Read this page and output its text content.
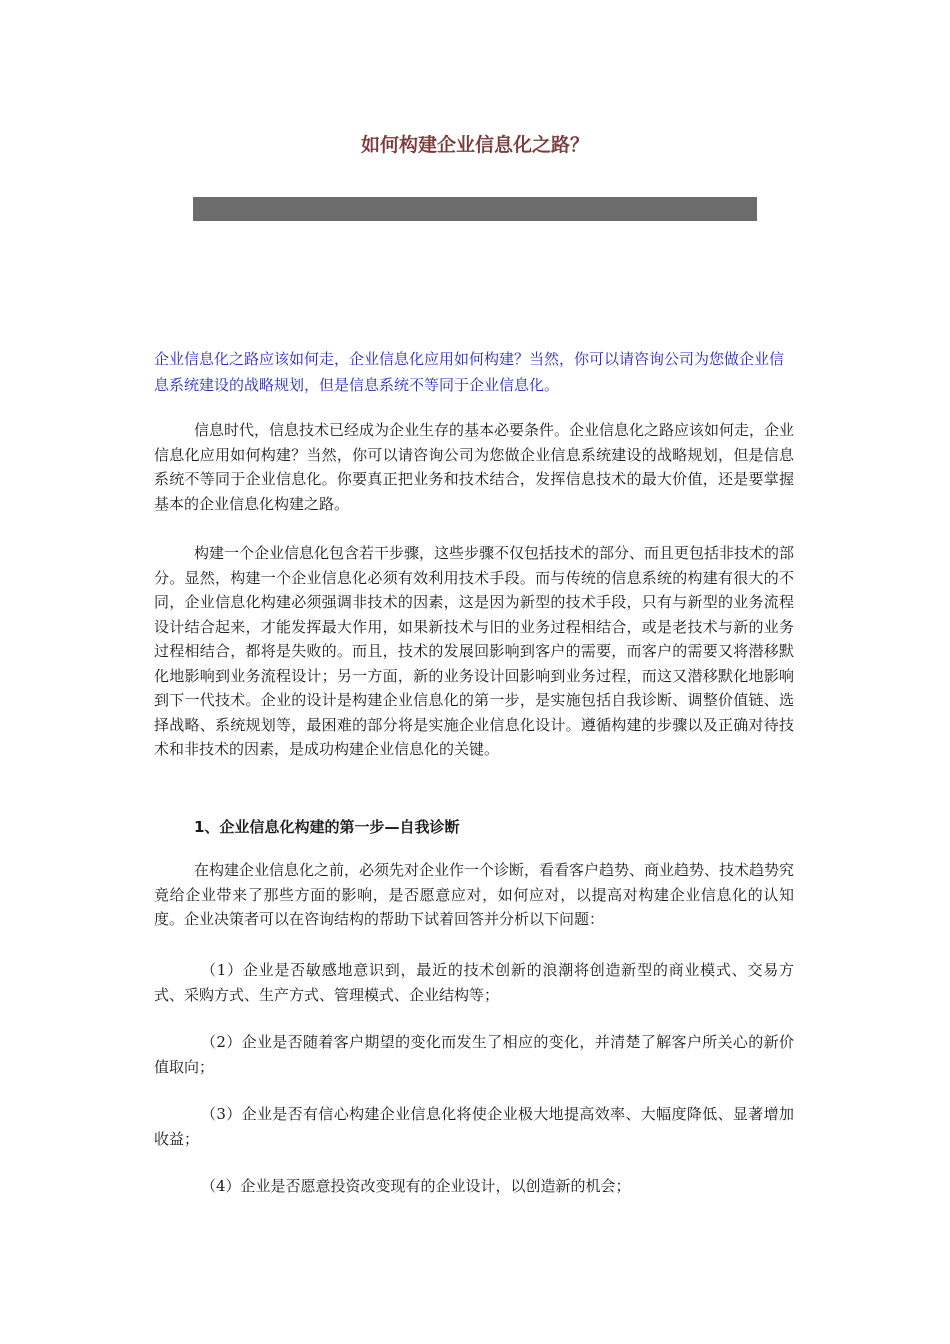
如何构建企业信息化之路？

企业信息化之路应该如何走，企业信息化应用如何构建？当然，你可以请咨询公司为您做企业信息系统建设的战略规划，但是信息系统不等同于企业信息化。

信息时代，信息技术已经成为企业生存的基本必要条件。企业信息化之路应该如何走，企业信息化应用如何构建？当然，你可以请咨询公司为您做企业信息系统建设的战略规划，但是信息系统不等同于企业信息化。你要真正把业务和技术结合，发挥信息技术的最大价值，还是要掌握基本的企业信息化构建之路。

构建一个企业信息化包含若干步骤，这些步骤不仅包括技术的部分、而且更包括非技术的部分。显然，构建一个企业信息化必须有效利用技术手段。而与传统的信息系统的构建有很大的不同，企业信息化构建必须强调非技术的因素，这是因为新型的技术手段，只有与新型的业务流程设计结合起来，才能发挥最大作用，如果新技术与旧的业务过程相结合，或是老技术与新的业务过程相结合，都将是失败的。而且，技术的发展回影响到客户的需要，而客户的需要又将潜移默化地影响到业务流程设计；另一方面，新的业务设计回影响到业务过程，而这又潜移默化地影响到下一代技术。企业的设计是构建企业信息化的第一步，是实施包括自我诊断、调整价值链、选择战略、系统规划等，最困难的部分将是实施企业信息化设计。遵循构建的步骤以及正确对待技术和非技术的因素，是成功构建企业信息化的关键。

1、企业信息化构建的第一步—自我诊断

在构建企业信息化之前，必须先对企业作一个诊断，看看客户趋势、商业趋势、技术趋势究竟给企业带来了那些方面的影响，是否愿意应对，如何应对，以提高对构建企业信息化的认知度。企业决策者可以在咨询结构的帮助下试着回答并分析以下问题：

（1）企业是否敏感地意识到，最近的技术创新的浪潮将创造新型的商业模式、交易方式、采购方式、生产方式、管理模式、企业结构等；

（2）企业是否随着客户期望的变化而发生了相应的变化，并清楚了解客户所关心的新价值取向；

（3）企业是否有信心构建企业信息化将使企业极大地提高效率、大幅度降低、显著增加收益；

（4）企业是否愿意投资改变现有的企业设计，以创造新的机会；
